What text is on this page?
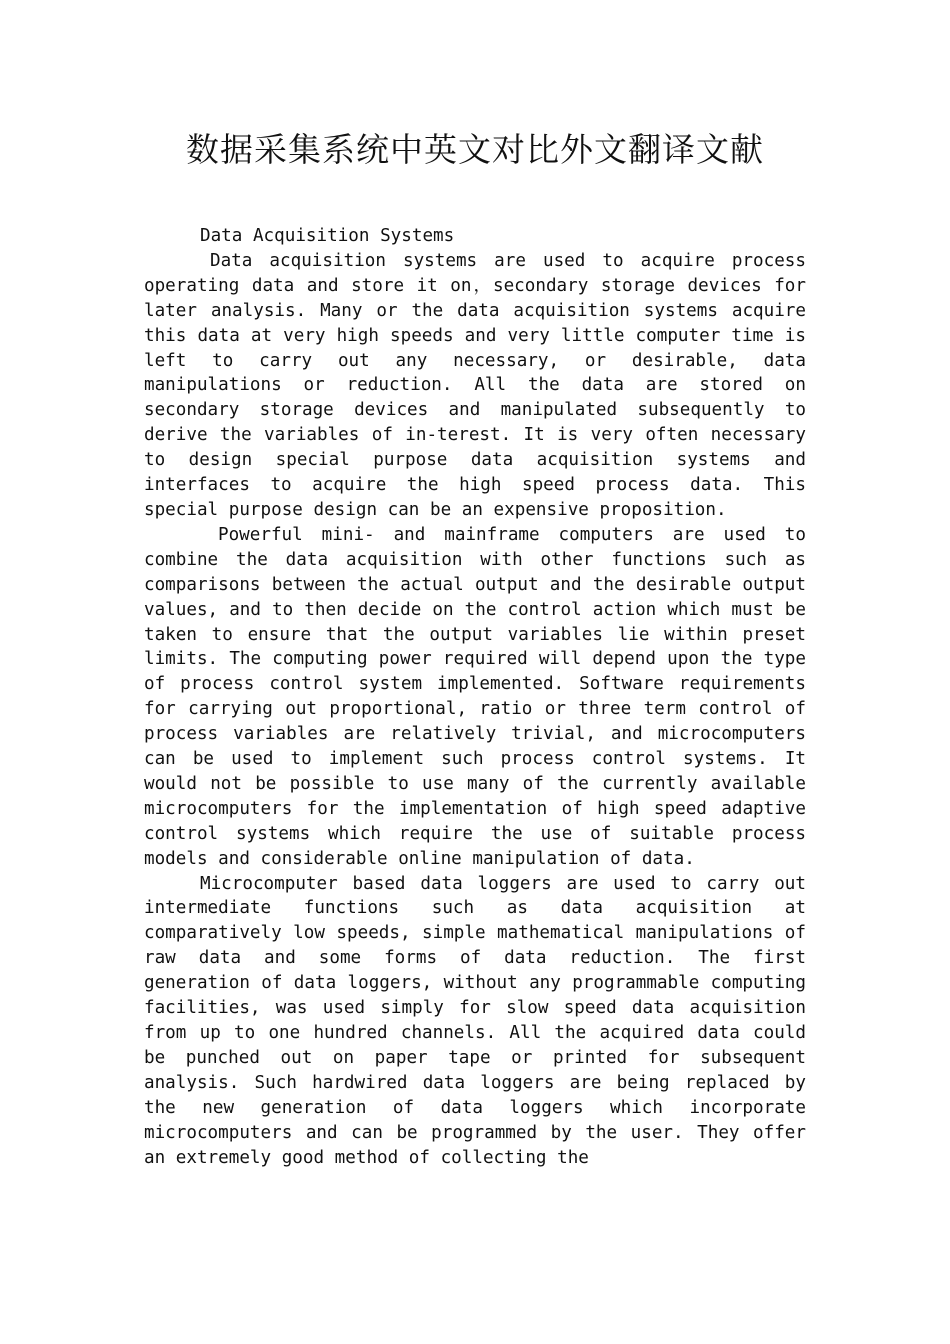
数据采集系统中英文对比外文翻译文献
Data Acquisition Systems

Data acquisition systems are used to acquire process operating data and store it on，secondary storage devices for later analysis. Many or the data acquisition systems acquire this data at very high speeds and very little computer time is left to carry out any necessary, or desirable, data manipulations or reduction. All the data are stored on secondary storage devices and manipulated subsequently to derive the variables of in-terest. It is very often necessary to design special purpose data acquisition systems and interfaces to acquire the high speed process data. This special purpose design can be an expensive proposition.

Powerful mini- and mainframe computers are used to combine the data acquisition with other functions such as comparisons between the actual output and the desirable output values, and to then decide on the control action which must be taken to ensure that the output variables lie within preset limits. The computing power required will depend upon the type of process control system implemented. Software requirements for carrying out proportional, ratio or three term control of process variables are relatively trivial, and microcomputers can be used to implement such process control systems. It would not be possible to use many of the currently available microcomputers for the implementation of high speed adaptive control systems which require the use of suitable process models and considerable online manipulation of data.

Microcomputer based data loggers are used to carry out intermediate functions such as data acquisition at comparatively low speeds, simple mathematical manipulations of raw data and some forms of data reduction. The first generation of data loggers, without any programmable computing facilities, was used simply for slow speed data acquisition from up to one hundred channels. All the acquired data could be punched out on paper tape or printed for subsequent analysis. Such hardwired data loggers are being replaced by the new generation of data loggers which incorporate microcomputers and can be programmed by the user. They offer an extremely good method of collecting the
